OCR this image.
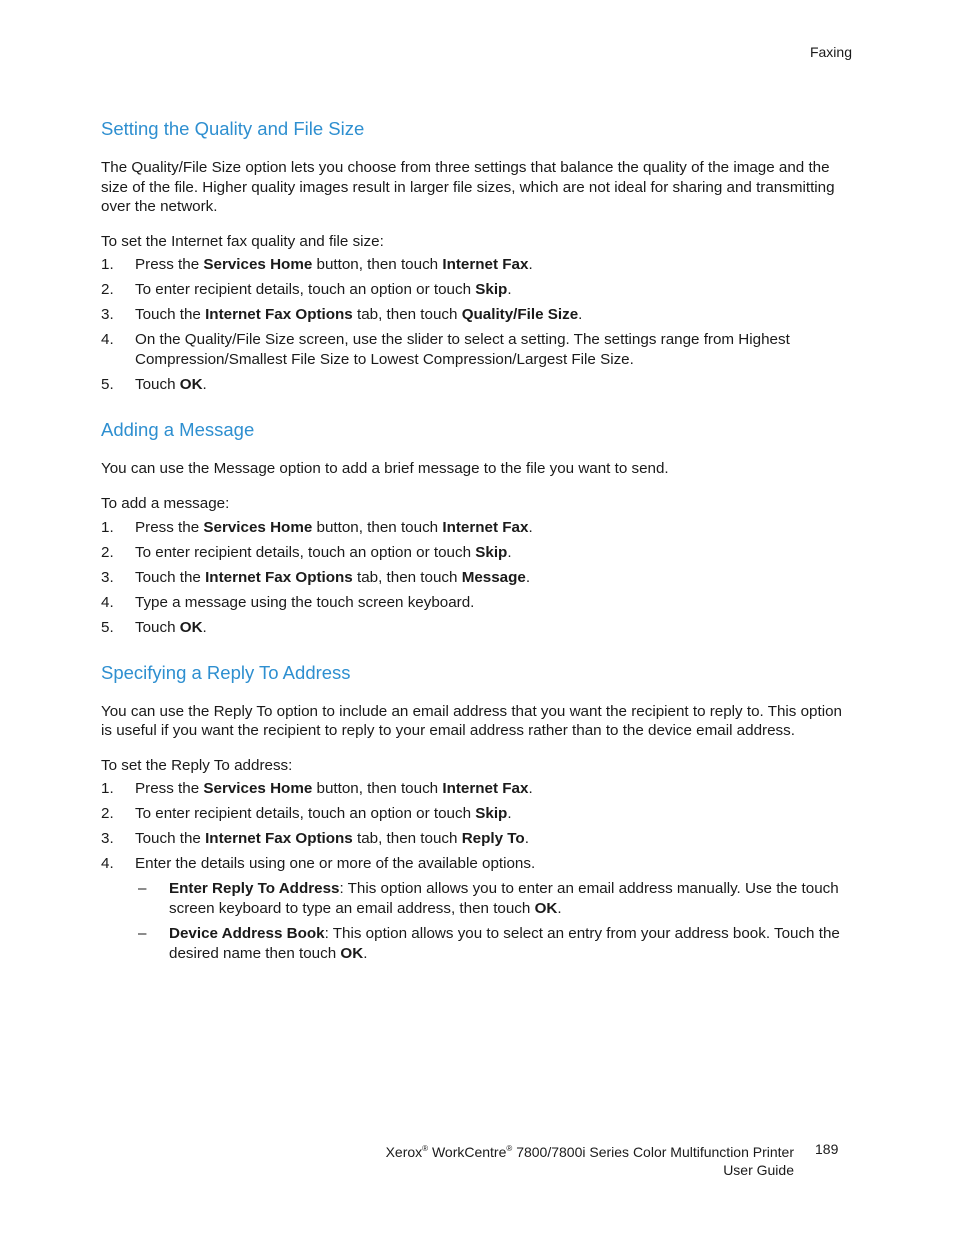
Faxing
Setting the Quality and File Size

The Quality/File Size option lets you choose from three settings that balance the quality of the image and the size of the file. Higher quality images result in larger file sizes, which are not ideal for sharing and transmitting over the network.

To set the Internet fax quality and file size:

1. Press the Services Home button, then touch Internet Fax.
2. To enter recipient details, touch an option or touch Skip.
3. Touch the Internet Fax Options tab, then touch Quality/File Size.
4. On the Quality/File Size screen, use the slider to select a setting. The settings range from Highest Compression/Smallest File Size to Lowest Compression/Largest File Size.
5. Touch OK.
Adding a Message

You can use the Message option to add a brief message to the file you want to send.

To add a message:

1. Press the Services Home button, then touch Internet Fax.
2. To enter recipient details, touch an option or touch Skip.
3. Touch the Internet Fax Options tab, then touch Message.
4. Type a message using the touch screen keyboard.
5. Touch OK.
Specifying a Reply To Address

You can use the Reply To option to include an email address that you want the recipient to reply to. This option is useful if you want the recipient to reply to your email address rather than to the device email address.

To set the Reply To address:

1. Press the Services Home button, then touch Internet Fax.
2. To enter recipient details, touch an option or touch Skip.
3. Touch the Internet Fax Options tab, then touch Reply To.
4. Enter the details using one or more of the available options.
– Enter Reply To Address: This option allows you to enter an email address manually. Use the touch screen keyboard to type an email address, then touch OK.
– Device Address Book: This option allows you to select an entry from your address book. Touch the desired name then touch OK.
Xerox® WorkCentre® 7800/7800i Series Color Multifunction Printer
User Guide
189
